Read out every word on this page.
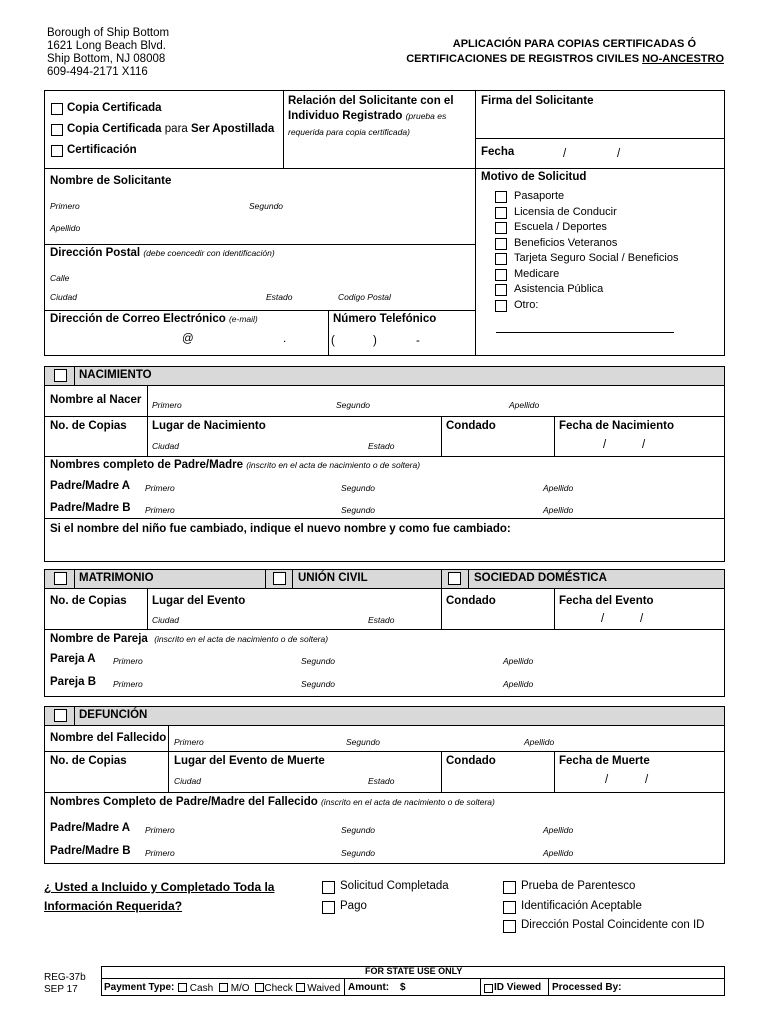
Borough of Ship Bottom
1621 Long Beach Blvd.
Ship Bottom, NJ 08008
609-494-2171 X116
APLICACIÓN PARA COPIAS CERTIFICADAS Ó
CERTIFICACIONES DE REGISTROS CIVILES NO-ANCESTRO
Copia Certificada
Copia Certificada para Ser Apostillada
Certificación
Relación del Solicitante con el
Individuo Registrado (prueba es
requerida para copia certificada)
Firma del Solicitante
Fecha	/	/
Nombre de Solicitante
Primero	Segundo
Apellido
Dirección Postal (debe coencedir con identificación)
Calle
Ciudad	Estado	Codigo Postal
Dirección de Correo Electrónico (e-mail)
@	.
Número Telefónico
(	)	-
Motivo de Solicitud
Pasaporte
Licensia de Conducir
Escuela / Deportes
Beneficios Veteranos
Tarjeta Seguro Social / Beneficios
Medicare
Asistencia Pública
Otro:
NACIMIENTO
Nombre al Nacer Primero	Segundo	Apellido
No. de Copias Lugar de Nacimiento
Ciudad	Estado
Condado	Fecha de Nacimiento
/	/
Nombres completo de Padre/Madre (inscrito en el acta de nacimiento o de soltera)
Padre/Madre A Primero	Segundo	Apellido
Padre/Madre B Primero	Segundo	Apellido
Si el nombre del niño fue cambiado, indique el nuevo nombre y como fue cambiado:
MATRIMONIO	UNIÓN CIVIL	SOCIEDAD DOMÉSTICA
No. de Copias Lugar del Evento
Ciudad	Estado
Condado	Fecha del Evento
/	/
Nombre de Pareja (inscrito en el acta de nacimiento o de soltera)
Pareja A Primero	Segundo	Apellido
Pareja B Primero	Segundo	Apellido
DEFUNCIÓN
Nombre del Fallecido Primero	Segundo	Apellido
No. de Copias	Lugar del Evento de Muerte
Ciudad	Estado
Condado	Fecha de Muerte
/	/
Nombres Completo de Padre/Madre del Fallecido (inscrito en el acta de nacimiento o de soltera)
Padre/Madre A Primero	Segundo	Apellido
Padre/Madre B Primero	Segundo	Apellido
¿ Usted a Incluido y Completado Toda la
Información Requerida?
Solicitud Completada
Pago
Prueba de Parentesco
Identificación Aceptable
Dirección Postal Coincidente con ID
REG-37b
SEP 17
FOR STATE USE ONLY
Payment Type:	Cash M/O Check Waived Amount: $	ID Viewed Processed By:
